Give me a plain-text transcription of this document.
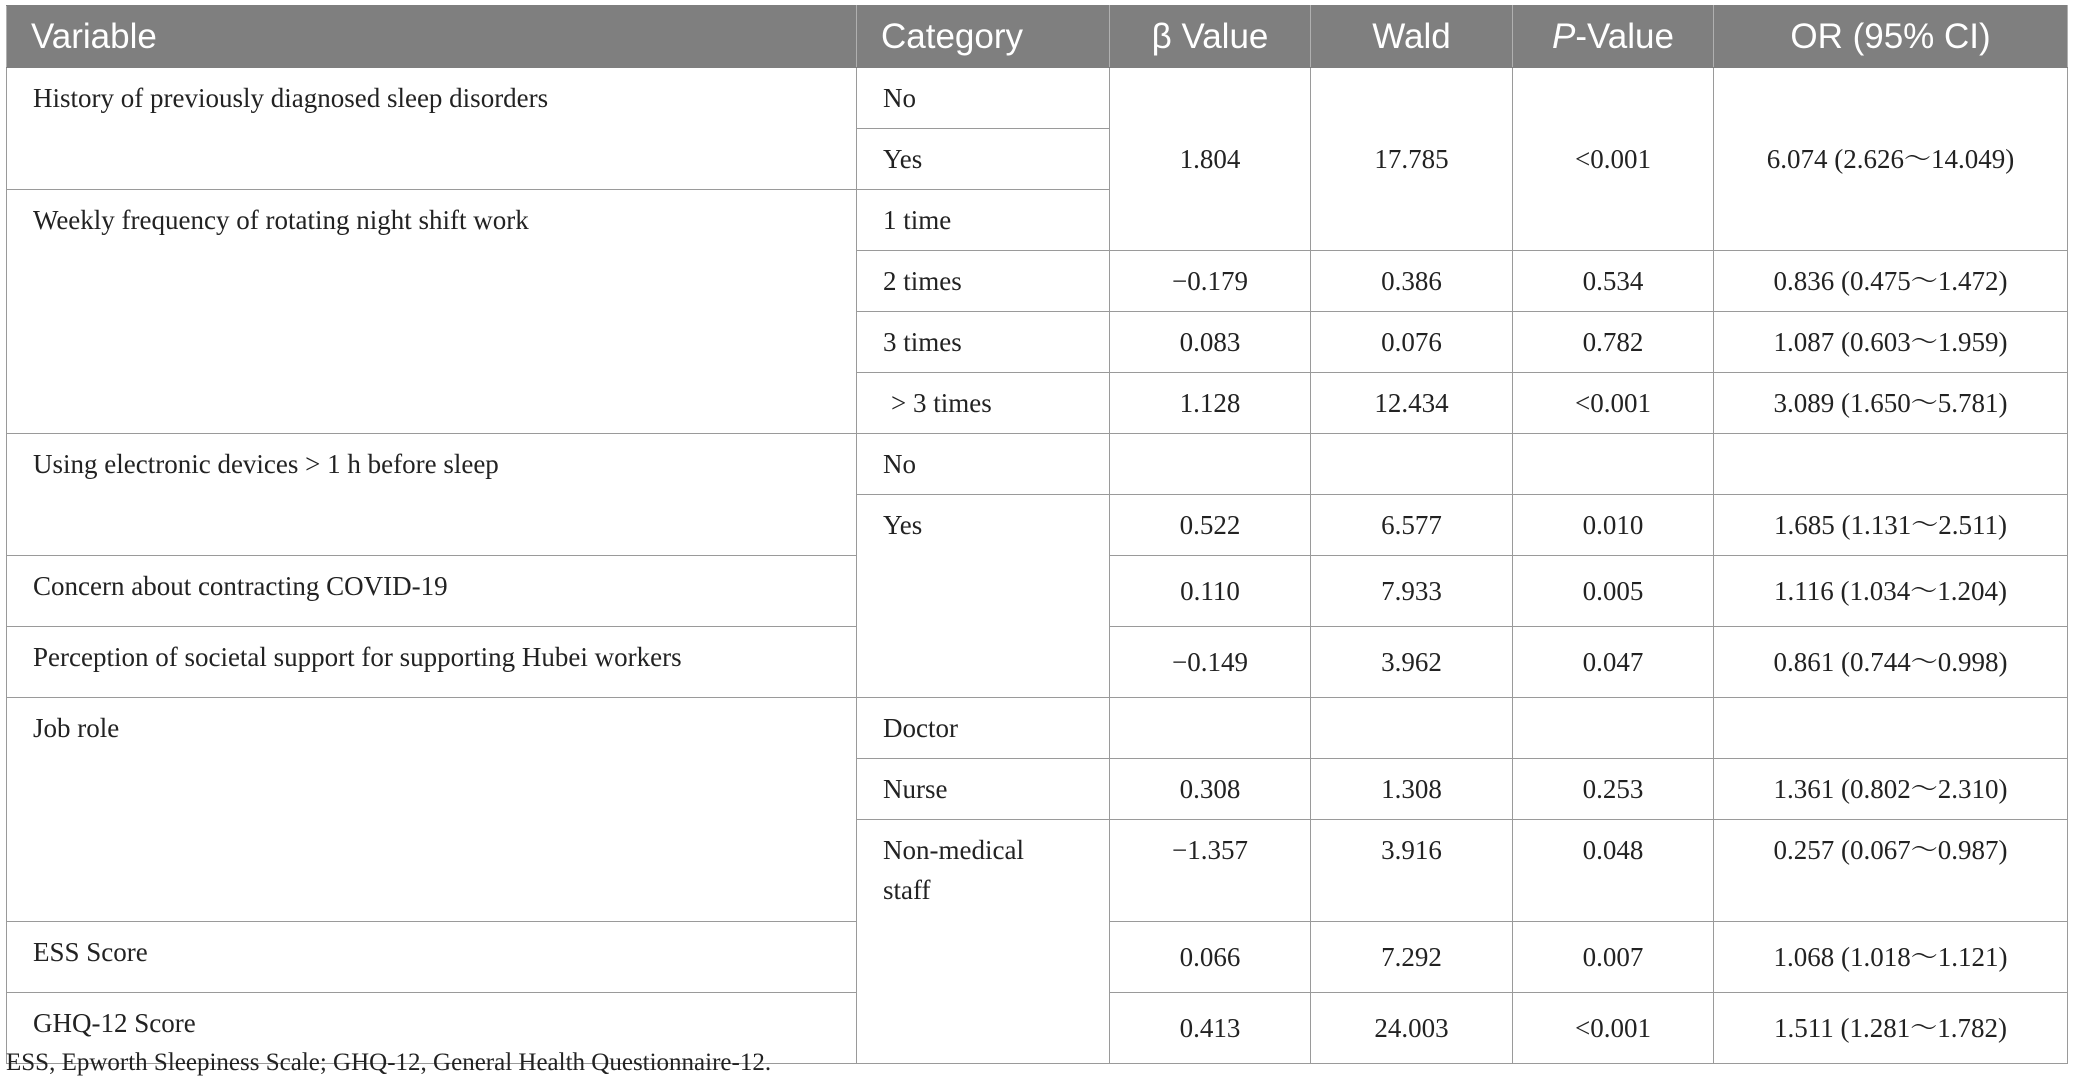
Variable	Category	β Value	Wald	P-Value	OR (95% CI)
History of previously diagnosed sleep disorders	No	1.804	17.785	<0.001	6.074 (2.626～14.049)
	Yes				
Weekly frequency of rotating night shift work	1 time				
	2 times	−0.179	0.386	0.534	0.836 (0.475～1.472)
	3 times	0.083	0.076	0.782	1.087 (0.603～1.959)
	> 3 times	1.128	12.434	<0.001	3.089 (1.650～5.781)
Using electronic devices > 1 h before sleep	No				
	Yes	0.522	6.577	0.010	1.685 (1.131～2.511)
Concern about contracting COVID-19		0.110	7.933	0.005	1.116 (1.034～1.204)
Perception of societal support for supporting Hubei workers		−0.149	3.962	0.047	0.861 (0.744～0.998)
Job role	Doctor				
	Nurse	0.308	1.308	0.253	1.361 (0.802～2.310)
	Non-medical staff	−1.357	3.916	0.048	0.257 (0.067～0.987)
ESS Score		0.066	7.292	0.007	1.068 (1.018～1.121)
GHQ-12 Score		0.413	24.003	<0.001	1.511 (1.281～1.782)
ESS, Epworth Sleepiness Scale; GHQ-12, General Health Questionnaire-12.
